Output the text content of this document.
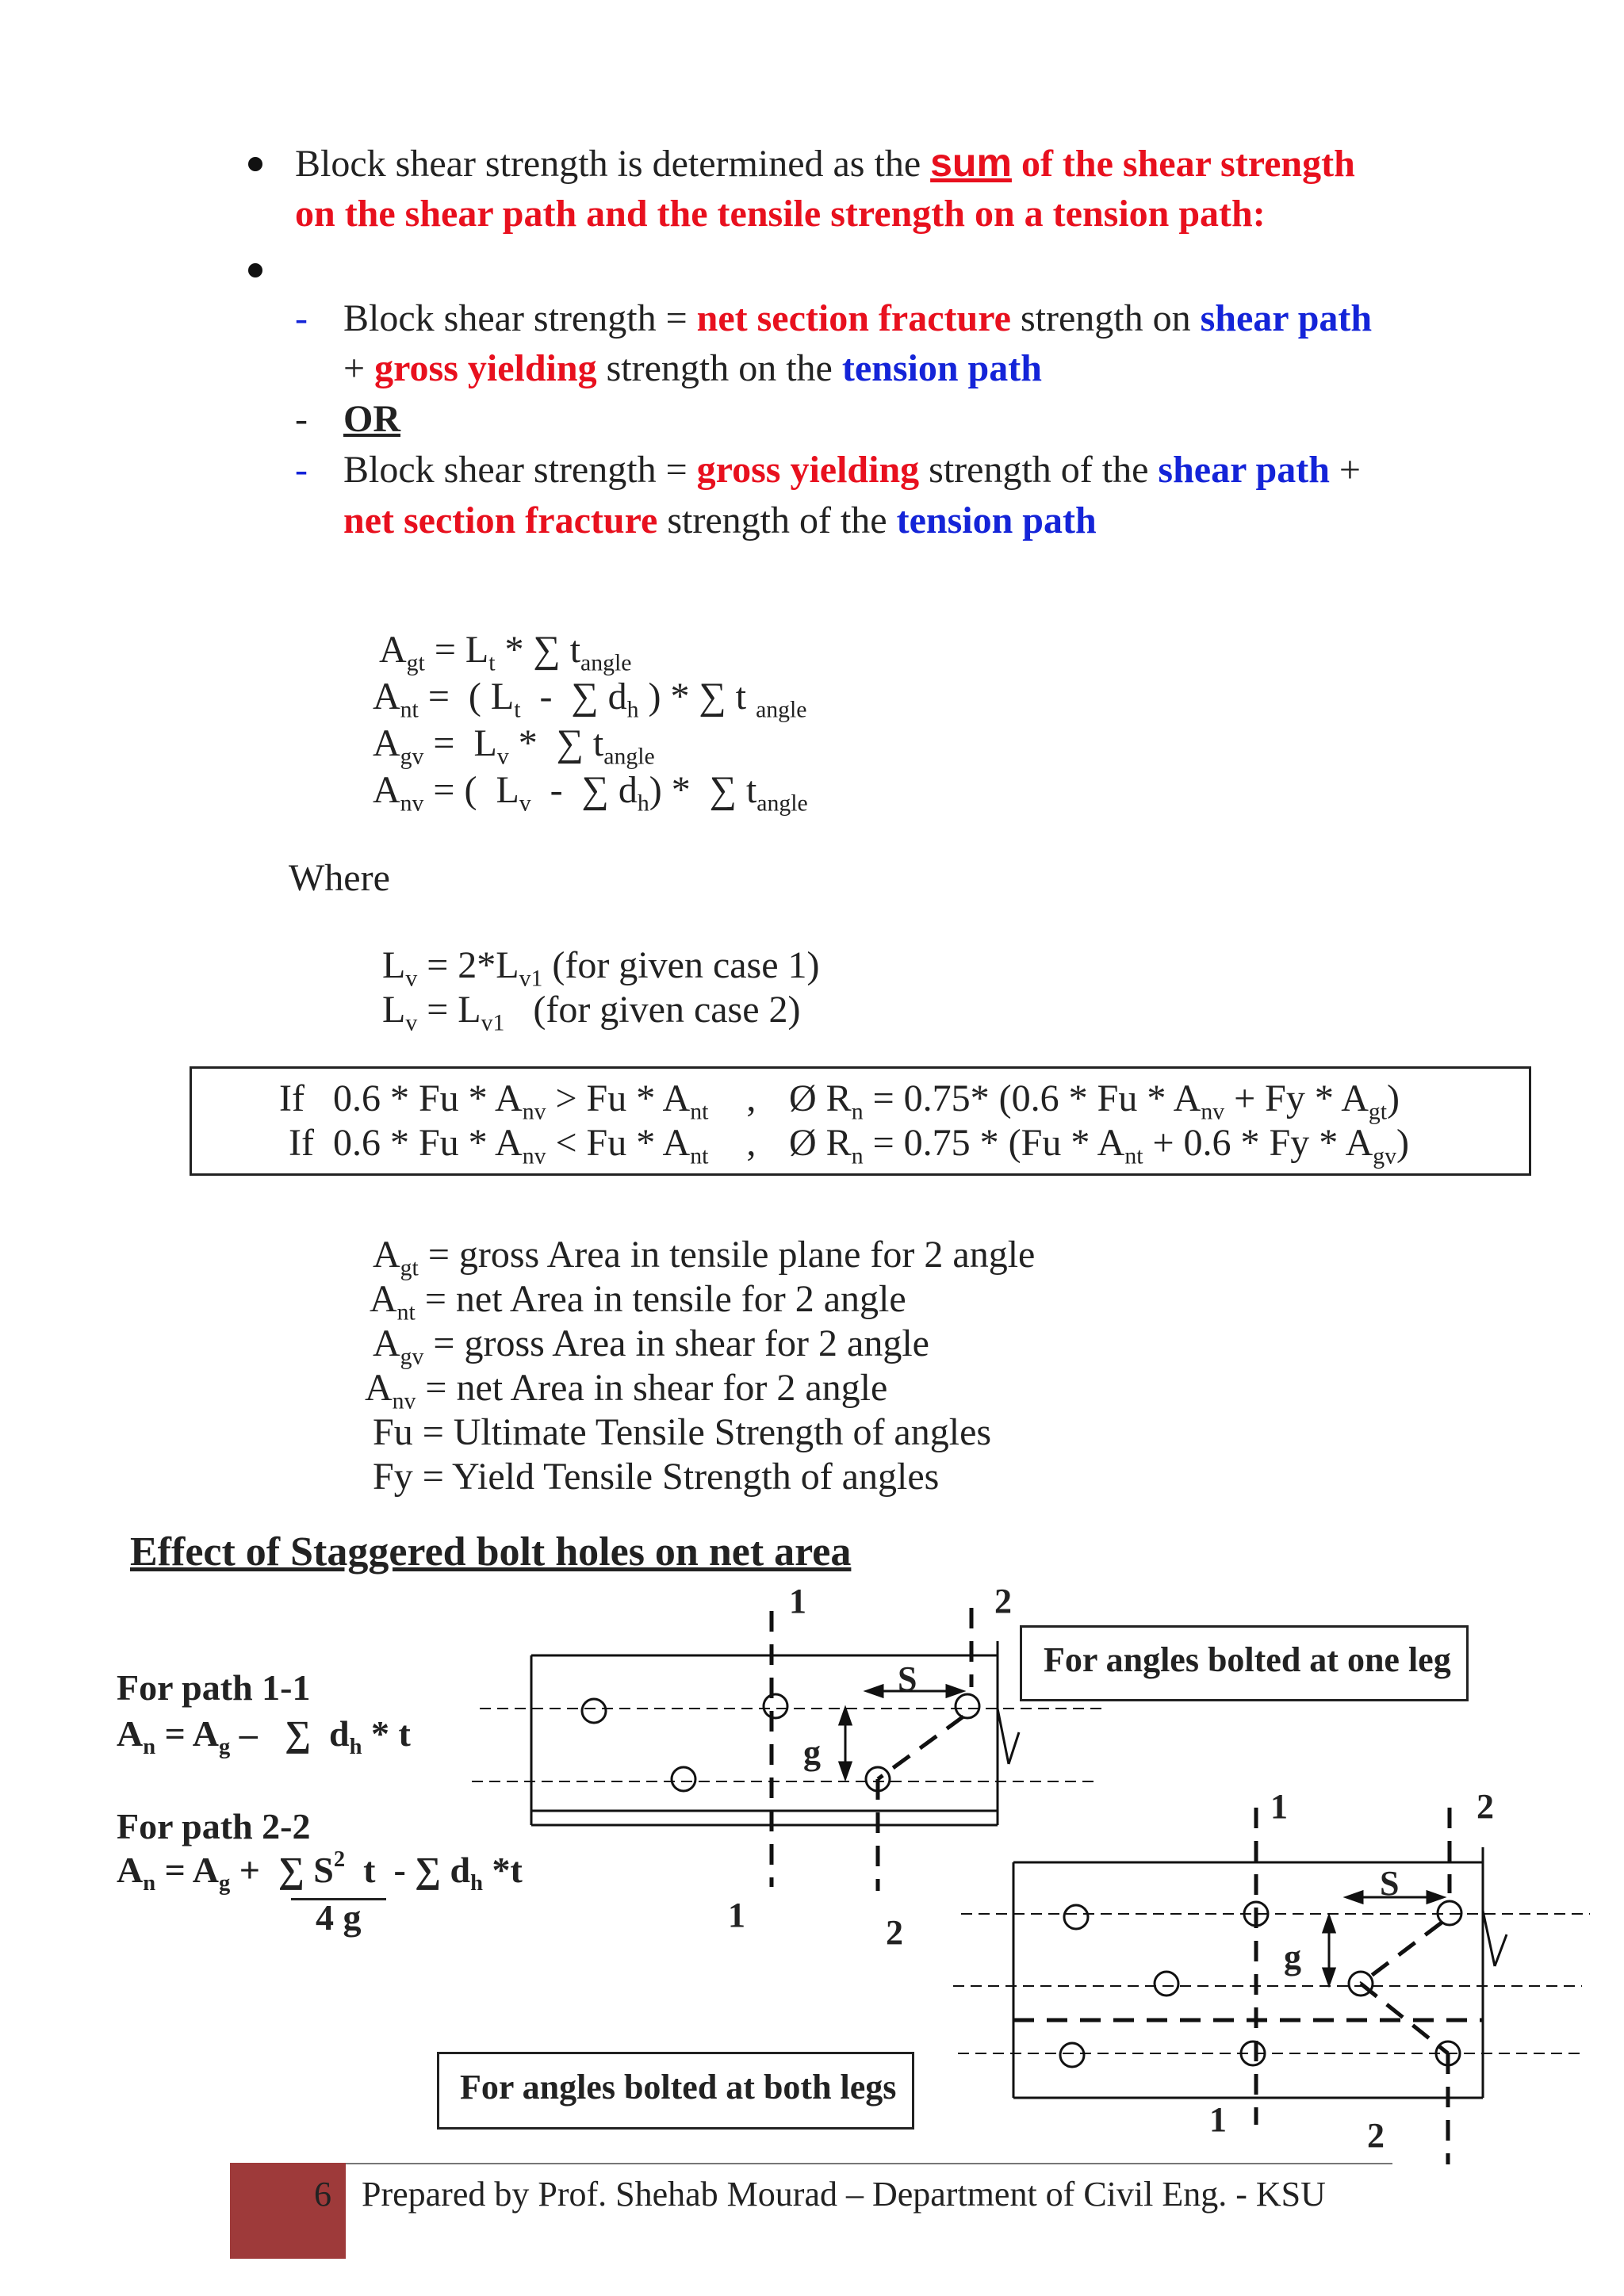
Block shear strength is determined as the sum of the shear strength
on the shear path and the tensile strength on a tension path:
- Block shear strength = net section fracture strength on shear path
+ gross yielding strength on the tension path
- OR
- Block shear strength = gross yielding strength of the shear path +
net section fracture strength of the tension path
$A_{gt} = L_t$ * ∑ $t_{angle}$
$A_{nt}$ =  ( $L_t$  -  ∑ $d_h$ ) * ∑ t $_{angle}$
$A_{gv} = L_v$ *  ∑ $t_{angle}$
$A_{nv}$ = (  $L_v$  -  ∑ $d_h$) *  ∑ $t_{angle}$
Where
$L_v = 2*L_{v1}$ (for given case 1)
$L_v = L_{v1}$   (for given case 2)
If   $0.6 * Fu * A_{nv} > Fu * A_{nt}$    , Ø $R_n = 0.75*$ $(0.6 * Fu * A_{nv} + Fy * A_{gt})$
If  $0.6 * Fu * A_{nv} < Fu * A_{nt}$    , Ø $R_n = 0.75 * (Fu * A_{nt} + 0.6 * Fy * A_{gv})$
$A_{gt}$ = gross Area in tensile plane for 2 angle
$A_{nt}$ = net Area in tensile for 2 angle
$A_{gv}$ = gross Area in shear for 2 angle
$A_{nv}$ = net Area in shear for 2 angle
Fu = Ultimate Tensile Strength of angles
Fy = Yield Tensile Strength of angles
Effect of Staggered bolt holes on net area
For path 1-1
$A_n = A_g$ –   ∑  $d_h$ * t
For path 2-2
$A_n = A_g$ +  ∑ $S^2$  t  - ∑ $d_h$ *t
4 g
1	2
S
g
1	2
1	2
S
g
1	2
For angles bolted at one leg
For angles bolted at both legs
6 Prepared by Prof. Shehab Mourad – Department of Civil Eng. - KSU
